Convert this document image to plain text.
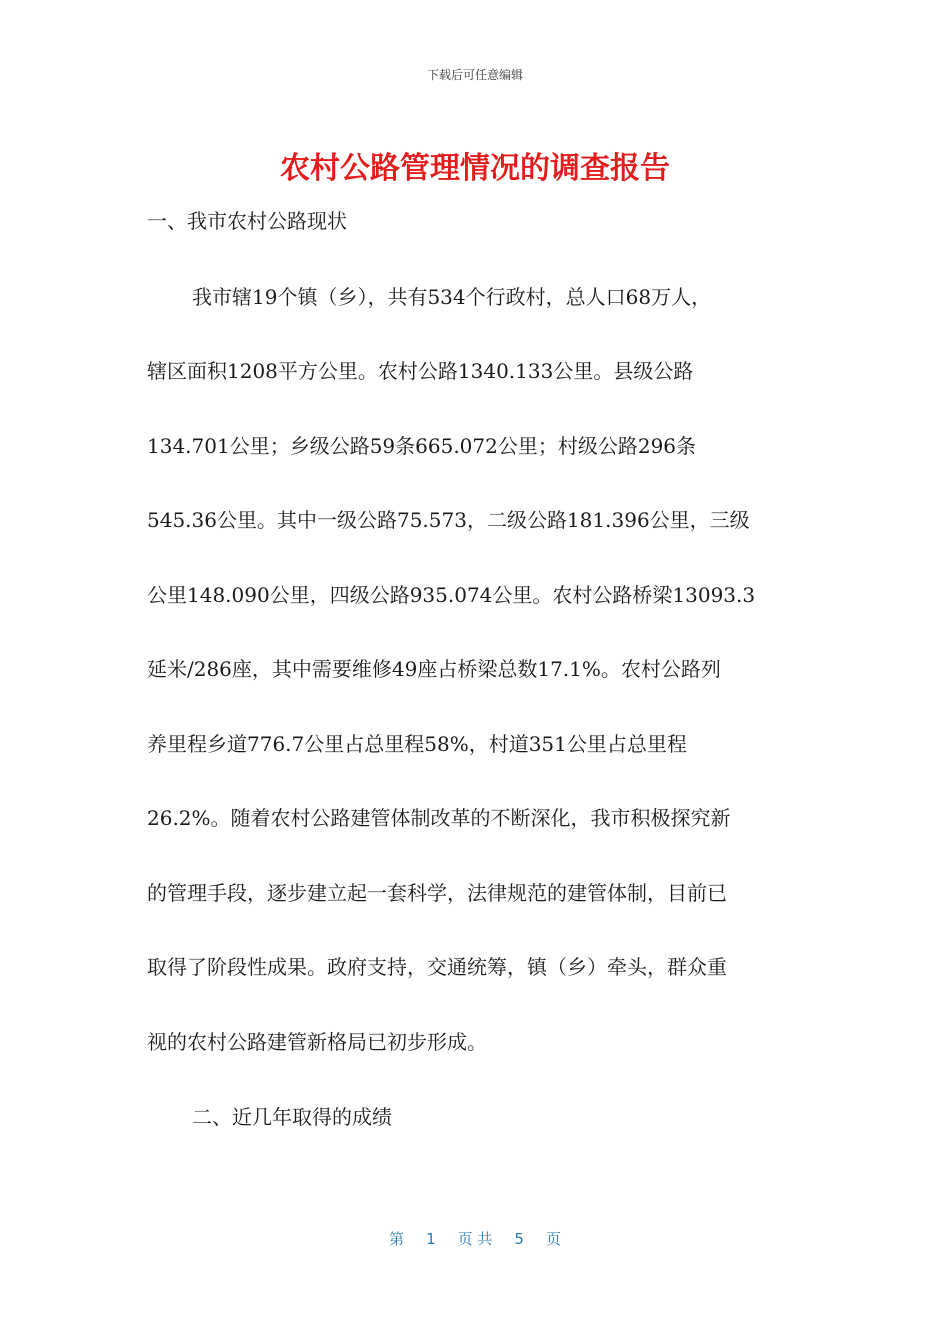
下载后可任意编辑
农村公路管理情况的调查报告
一、我市农村公路现状
我市辖19个镇（乡），共有534个行政村，总人口68万人，
辖区面积1208平方公里。农村公路1340.133公里。县级公路
134.701公里；乡级公路59条665.072公里；村级公路296条
545.36公里。其中一级公路75.573，二级公路181.396公里，三级
公里148.090公里，四级公路935.074公里。农村公路桥梁13093.3
延米/286座，其中需要维修49座占桥梁总数17.1%。农村公路列
养里程乡道776.7公里占总里程58%，村道351公里占总里程
26.2%。随着农村公路建管体制改革的不断深化，我市积极探究新
的管理手段，逐步建立起一套科学，法律规范的建管体制，目前已
取得了阶段性成果。政府支持，交通统筹，镇（乡）牵头，群众重
视的农村公路建管新格局已初步形成。
二、近几年取得的成绩
第 1 页 共 5 页
